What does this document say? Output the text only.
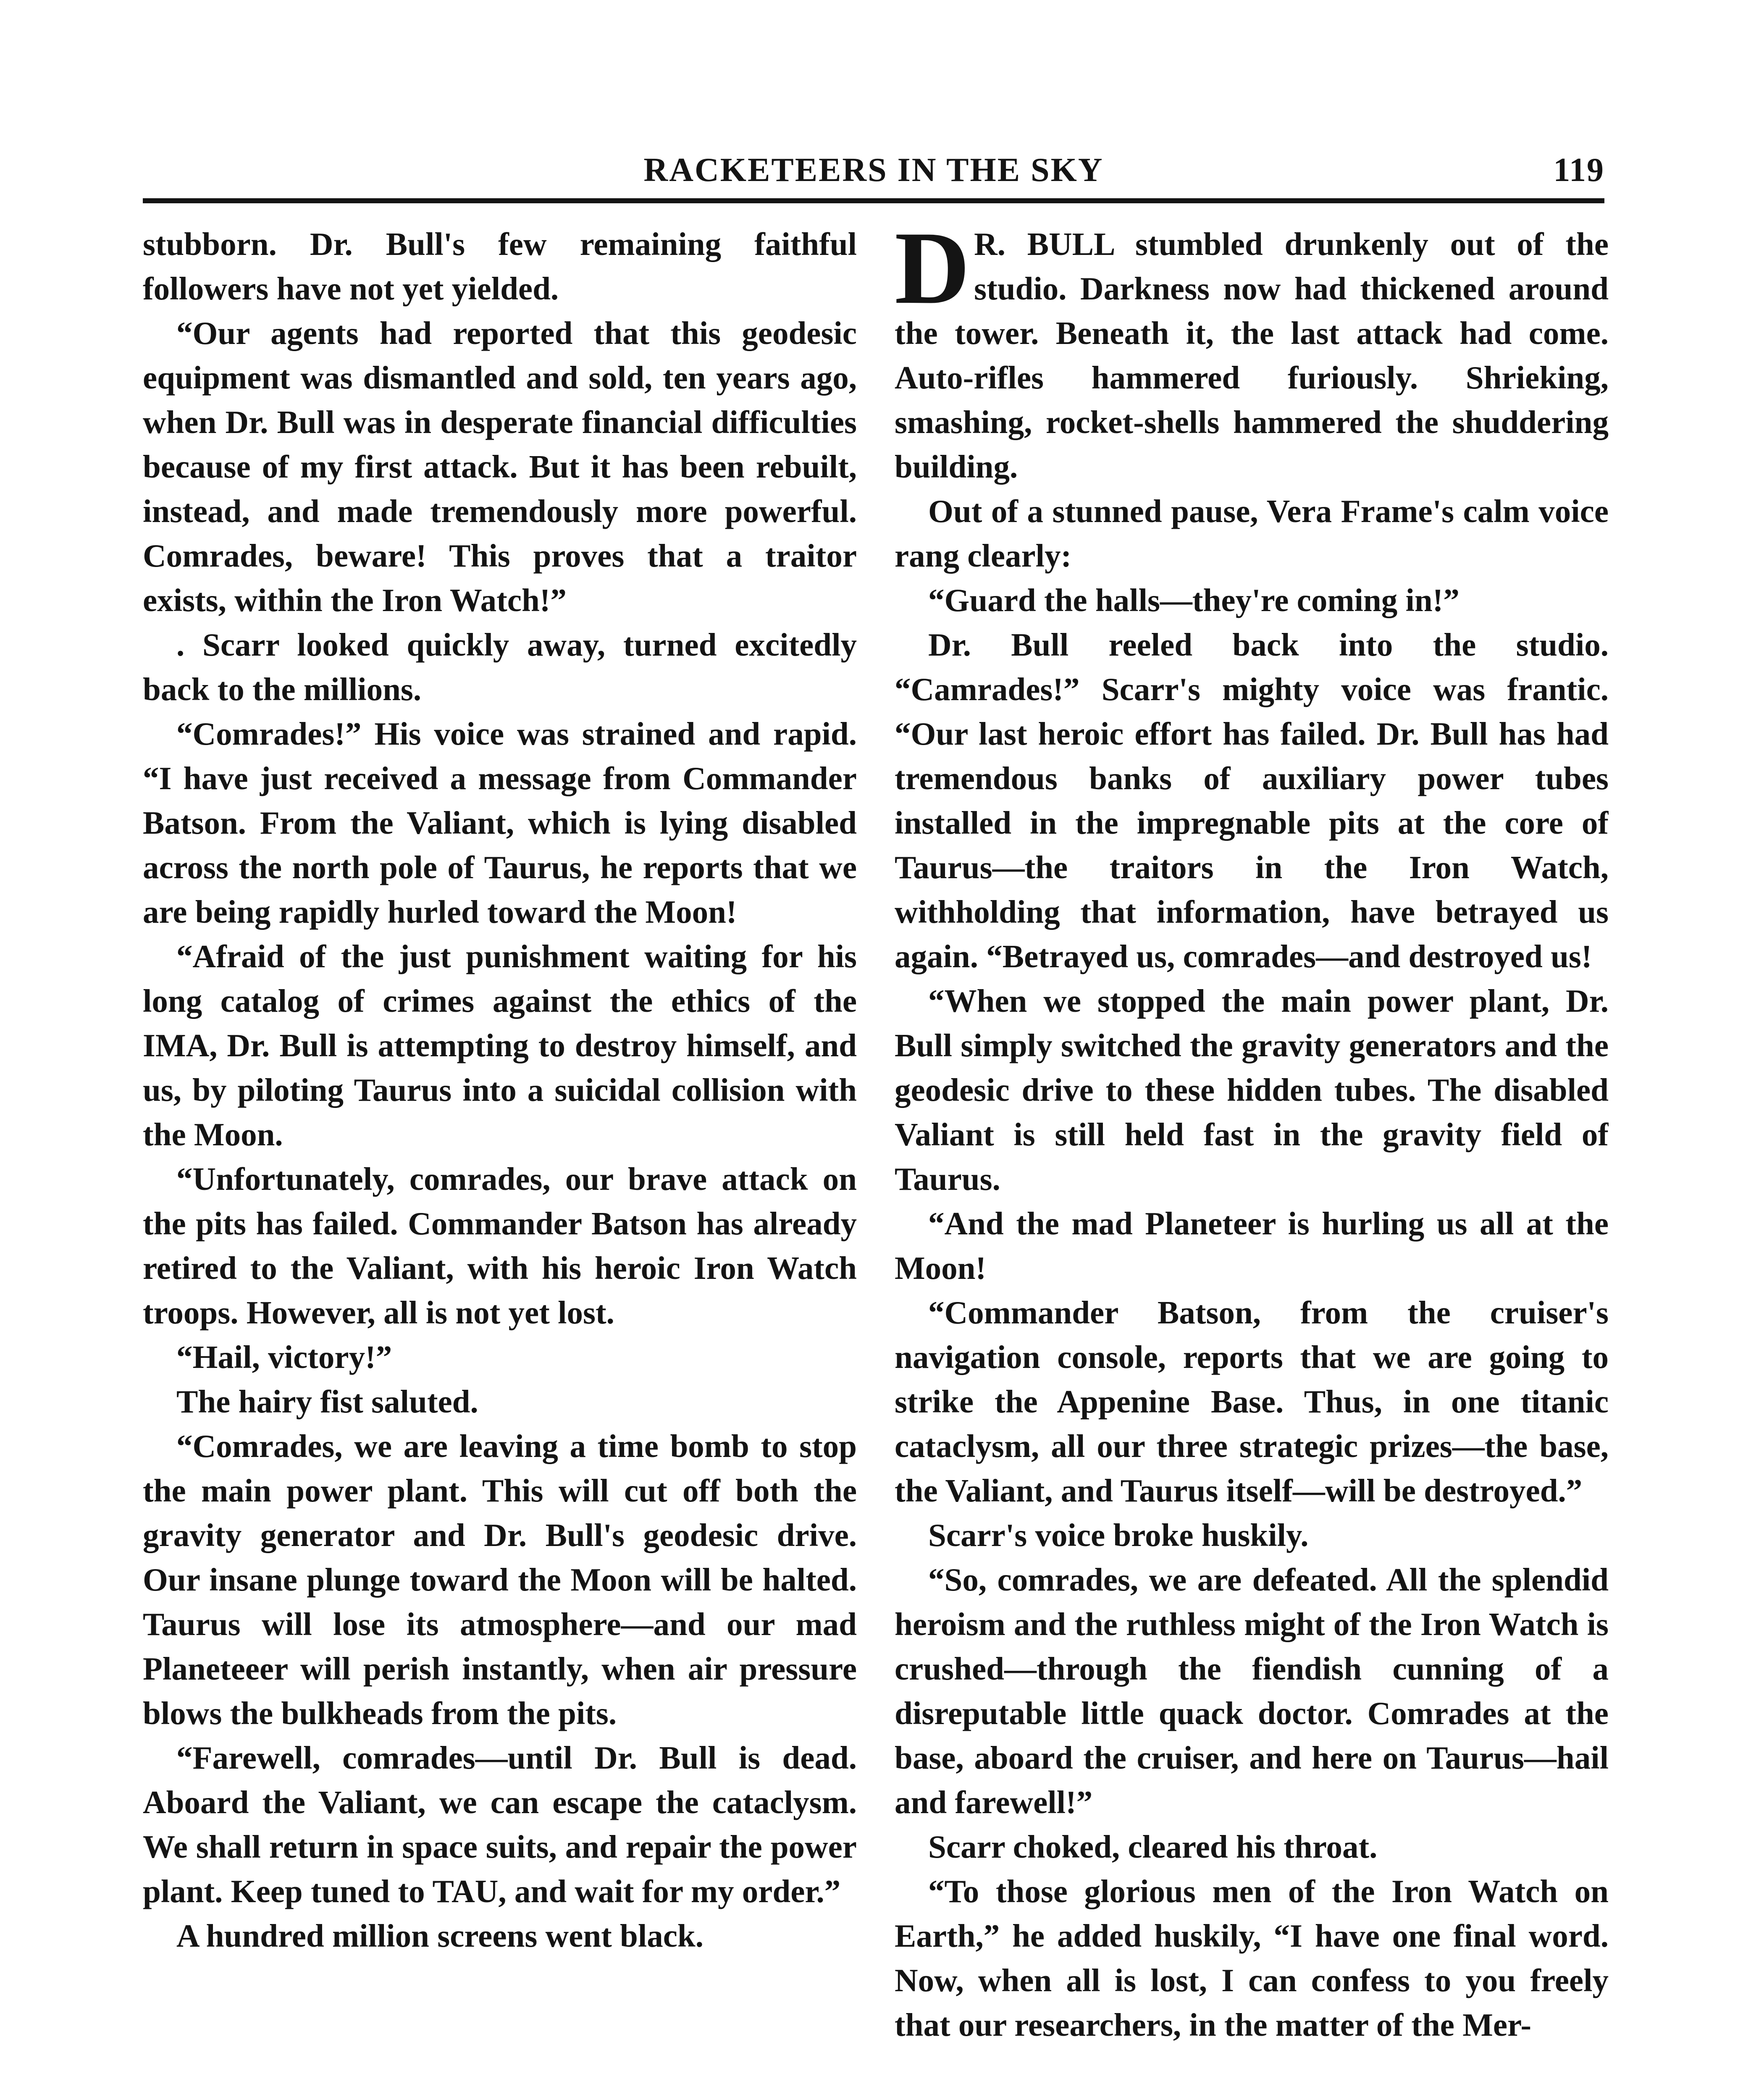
RACKETEERS IN THE SKY	119

stubborn. Dr. Bull's few remaining faithful followers have not yet yielded.

“Our agents had reported that this geodesic equipment was dismantled and sold, ten years ago, when Dr. Bull was in desperate financial difficulties because of my first attack. But it has been rebuilt, instead, and made tremendously more powerful. Comrades, beware! This proves that a traitor exists, within the Iron Watch!”

. Scarr looked quickly away, turned excitedly back to the millions.

“Comrades!” His voice was strained and rapid. “I have just received a message from Commander Batson. From the Valiant, which is lying disabled across the north pole of Taurus, he reports that we are being rapidly hurled toward the Moon!

“Afraid of the just punishment waiting for his long catalog of crimes against the ethics of the IMA, Dr. Bull is attempting to destroy himself, and us, by piloting Taurus into a suicidal collision with the Moon.

“Unfortunately, comrades, our brave attack on the pits has failed. Commander Batson has already retired to the Valiant, with his heroic Iron Watch troops. However, all is not yet lost.

“Hail, victory!”

The hairy fist saluted.

“Comrades, we are leaving a time bomb to stop the main power plant. This will cut off both the gravity generator and Dr. Bull's geodesic drive. Our insane plunge toward the Moon will be halted. Taurus will lose its atmosphere—and our mad Planeteeer will perish instantly, when air pressure blows the bulkheads from the pits.

“Farewell, comrades—until Dr. Bull is dead. Aboard the Valiant, we can escape the cataclysm. We shall return in space suits, and repair the power plant. Keep tuned to TAU, and wait for my order.”

A hundred million screens went black.

D R. BULL stumbled drunkenly out of the studio. Darkness now had thickened around the tower. Beneath it, the last attack had come. Auto-rifles hammered furiously. Shrieking, smashing, rocket-shells hammered the shuddering building.

Out of a stunned pause, Vera Frame's calm voice rang clearly:

“Guard the halls—they're coming in!”

Dr. Bull reeled back into the studio. “Camrades!” Scarr's mighty voice was frantic. “Our last heroic effort has failed. Dr. Bull has had tremendous banks of auxiliary power tubes installed in the impregnable pits at the core of Taurus—the traitors in the Iron Watch, withholding that information, have betrayed us again. “Betrayed us, comrades—and destroyed us!

“When we stopped the main power plant, Dr. Bull simply switched the gravity generators and the geodesic drive to these hidden tubes. The disabled Valiant is still held fast in the gravity field of Taurus.

“And the mad Planeteer is hurling us all at the Moon!

“Commander Batson, from the cruiser's navigation console, reports that we are going to strike the Appenine Base. Thus, in one titanic cataclysm, all our three strategic prizes—the base, the Valiant, and Taurus itself—will be destroyed.”

Scarr's voice broke huskily.

“So, comrades, we are defeated. All the splendid heroism and the ruthless might of the Iron Watch is crushed—through the fiendish cunning of a disreputable little quack doctor. Comrades at the base, aboard the cruiser, and here on Taurus—hail and farewell!”

Scarr choked, cleared his throat.

“To those glorious men of the Iron Watch on Earth,” he added huskily, “I have one final word. Now, when all is lost, I can confess to you freely that our researchers, in the matter of the Mer-
